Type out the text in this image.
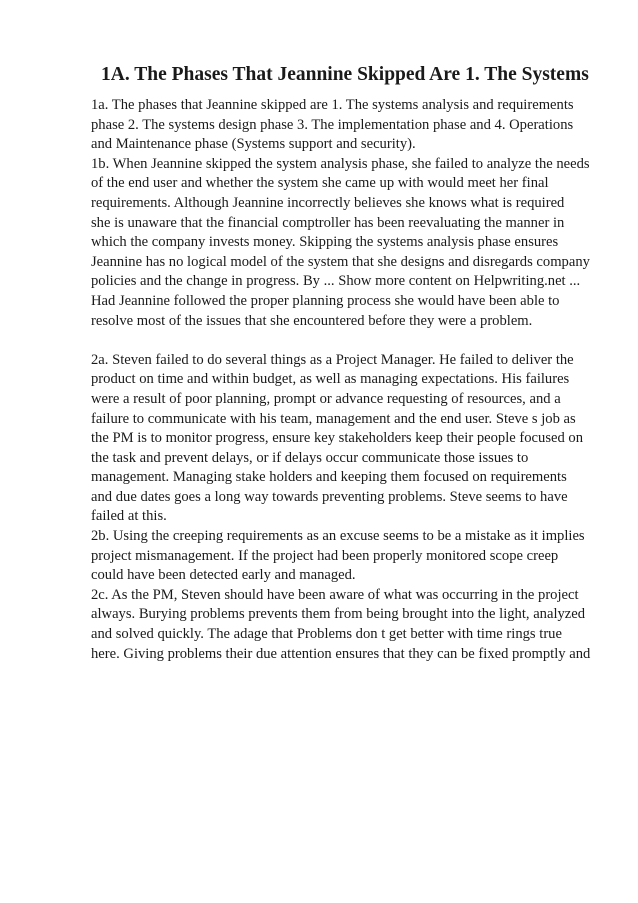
1A. The Phases That Jeannine Skipped Are 1. The Systems
1a. The phases that Jeannine skipped are 1. The systems analysis and requirements
phase 2. The systems design phase 3. The implementation phase and 4. Operations
and Maintenance phase (Systems support and security).
1b. When Jeannine skipped the system analysis phase, she failed to analyze the needs
of the end user and whether the system she came up with would meet her final
requirements. Although Jeannine incorrectly believes she knows what is required
she is unaware that the financial comptroller has been reevaluating the manner in
which the company invests money. Skipping the systems analysis phase ensures
Jeannine has no logical model of the system that she designs and disregards company
policies and the change in progress. By ... Show more content on Helpwriting.net ...
Had Jeannine followed the proper planning process she would have been able to
resolve most of the issues that she encountered before they were a problem.
2a. Steven failed to do several things as a Project Manager. He failed to deliver the
product on time and within budget, as well as managing expectations. His failures
were a result of poor planning, prompt or advance requesting of resources, and a
failure to communicate with his team, management and the end user. Steve s job as
the PM is to monitor progress, ensure key stakeholders keep their people focused on
the task and prevent delays, or if delays occur communicate those issues to
management. Managing stake holders and keeping them focused on requirements
and due dates goes a long way towards preventing problems. Steve seems to have
failed at this.
2b. Using the creeping requirements as an excuse seems to be a mistake as it implies
project mismanagement. If the project had been properly monitored scope creep
could have been detected early and managed.
2c. As the PM, Steven should have been aware of what was occurring in the project
always. Burying problems prevents them from being brought into the light, analyzed
and solved quickly. The adage that Problems don t get better with time rings true
here. Giving problems their due attention ensures that they can be fixed promptly and
